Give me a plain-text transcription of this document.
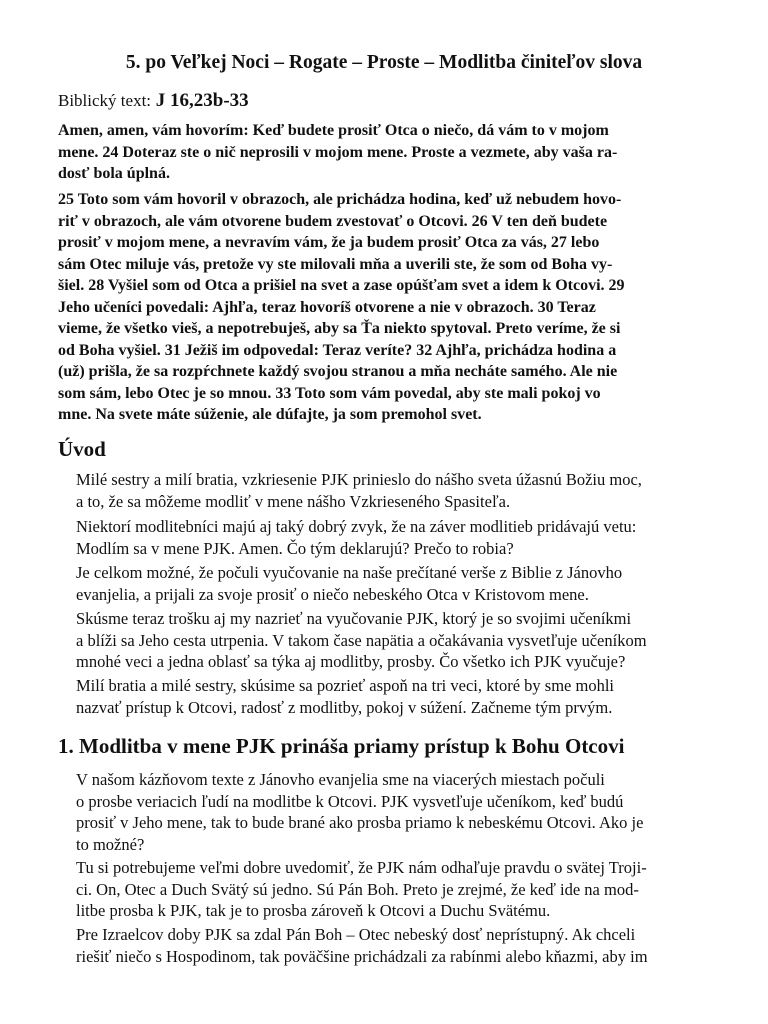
5. po Veľkej Noci – Rogate – Proste – Modlitba činiteľov slova
Biblický text: J 16,23b-33
Amen, amen, vám hovorím: Keď budete prosiť Otca o niečo, dá vám to v mojom
mene. 24 Doteraz ste o nič neprosili v mojom mene. Proste a vezmete, aby vaša ra-
dosť bola úplná.
25 Toto som vám hovoril v obrazoch, ale prichádza hodina, keď už nebudem hovo-
riť v obrazoch, ale vám otvorene budem zvestovať o Otcovi. 26 V ten deň budete
prosiť v mojom mene, a nevravím vám, že ja budem prosiť Otca za vás, 27 lebo
sám Otec miluje vás, pretože vy ste milovali mňa a uverili ste, že som od Boha vy-
šiel. 28 Vyšiel som od Otca a prišiel na svet a zase opúšťam svet a idem k Otcovi. 29
Jeho učeníci povedali: Ajhľa, teraz hovoríš otvorene a nie v obrazoch. 30 Teraz
vieme, že všetko vieš, a nepotrebuješ, aby sa Ťa niekto spytoval. Preto veríme, že si
od Boha vyšiel. 31 Ježiš im odpovedal: Teraz veríte? 32 Ajhľa, prichádza hodina a
(už) prišla, že sa rozpŕchnete každý svojou stranou a mňa necháte samého. Ale nie
som sám, lebo Otec je so mnou. 33 Toto som vám povedal, aby ste mali pokoj vo
mne. Na svete máte súženie, ale dúfajte, ja som premohol svet.
Úvod
Milé sestry a milí bratia, vzkriesenie PJK prinieslo do nášho sveta úžasnú Božiu moc,
a to, že sa môžeme modliť v mene nášho Vzkrieseného Spasiteľa.
Niektorí modlitebníci majú aj taký dobrý zvyk, že na záver modlitieb pridávajú vetu:
Modlím sa v mene PJK. Amen. Čo tým deklarujú? Prečo to robia?
Je celkom možné, že počuli vyučovanie na naše prečítané verše z Biblie z Jánovho
evanjelia, a prijali za svoje prosiť o niečo nebeského Otca v Kristovom mene.
Skúsme teraz trošku aj my nazrieť na vyučovanie PJK, ktorý je so svojimi učeníkmi
a blíži sa Jeho cesta utrpenia. V takom čase napätia a očakávania vysvetľuje učeníkom
mnohé veci a jedna oblasť sa týka aj modlitby, prosby. Čo všetko ich PJK vyučuje?
Milí bratia a milé sestry, skúsime sa pozrieť aspoň na tri veci, ktoré by sme mohli
nazvať prístup k Otcovi, radosť z modlitby, pokoj v súžení. Začneme tým prvým.
1. Modlitba v mene PJK prináša priamy prístup k Bohu Otcovi
V našom kázňovom texte z Jánovho evanjelia sme na viacerých miestach počuli
o prosbe veriacich ľudí na modlitbe k Otcovi. PJK vysvetľuje učeníkom, keď budú
prosiť v Jeho mene, tak to bude brané ako prosba priamo k nebeskému Otcovi. Ako je
to možné?
Tu si potrebujeme veľmi dobre uvedomiť, že PJK nám odhaľuje pravdu o svätej Troji-
ci. On, Otec a Duch Svätý sú jedno. Sú Pán Boh. Preto je zrejmé, že keď ide na mod-
litbe prosba k PJK, tak je to prosba zároveň k Otcovi a Duchu Svätému.
Pre Izraelcov doby PJK sa zdal Pán Boh – Otec nebeský dosť neprístupný. Ak chceli
riešiť niečo s Hospodinom, tak poväčšine prichádzali za rabínmi alebo kňazmi, aby im
